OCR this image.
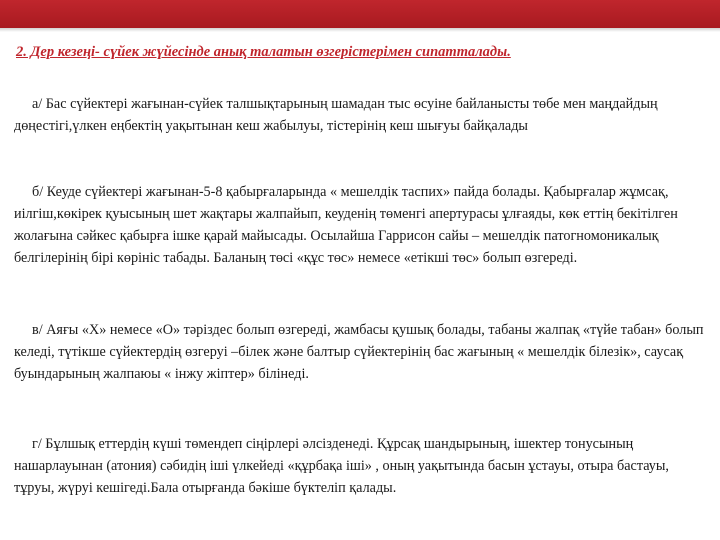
2. Дер кезеңі- сүйек жүйесінде анық талатын өзгерістерімен сипатталады.
а/ Бас сүйектері жағынан-сүйек талшықтарының шамадан тыс өсуіне байланысты төбе мен маңдайдың дөңестігі,үлкен еңбектің уақытынан кеш жабылуы, тістерінің кеш шығуы байқалады
б/ Кеуде сүйектері жағынан-5-8 қабырғаларында « мешелдік таспих» пайда болады. Қабырғалар жұмсақ, иілгіш,көкірек қуысының шет жақтары жалпайып, кеуденің төменгі апертурасы ұлғаяды, көк еттің бекітілген жолағына сәйкес қабырға ішке қарай майысады. Осылайша Гаррисон сайы – мешелдік патогномоникалық белгілерінің бірі көрініс табады. Баланың төсі «құс төс» немесе «етікші төс» болып өзгереді.
в/ Аяғы «Х» немесе «О» тәріздес болып өзгереді, жамбасы қушық болады, табаны жалпақ «түйе табан» болып келеді, түтікше сүйектердің өзгеруі –білек және балтыр сүйектерінің бас жағының « мешелдік білезік», саусақ буындарының жалпаюы « інжу жіптер» білінеді.
г/ Бұлшық еттердің күші төмендеп сіңірлері әлсізденеді. Құрсақ шандырының, ішектер тонусының нашарлауынан (атония) сәбидің іші үлкейеді «құрбақа іші» , оның уақытында басын ұстауы, отыра бастауы, тұруы, жүруі кешігеді.Бала отырғанда бәкіше бүктеліп қалады.
